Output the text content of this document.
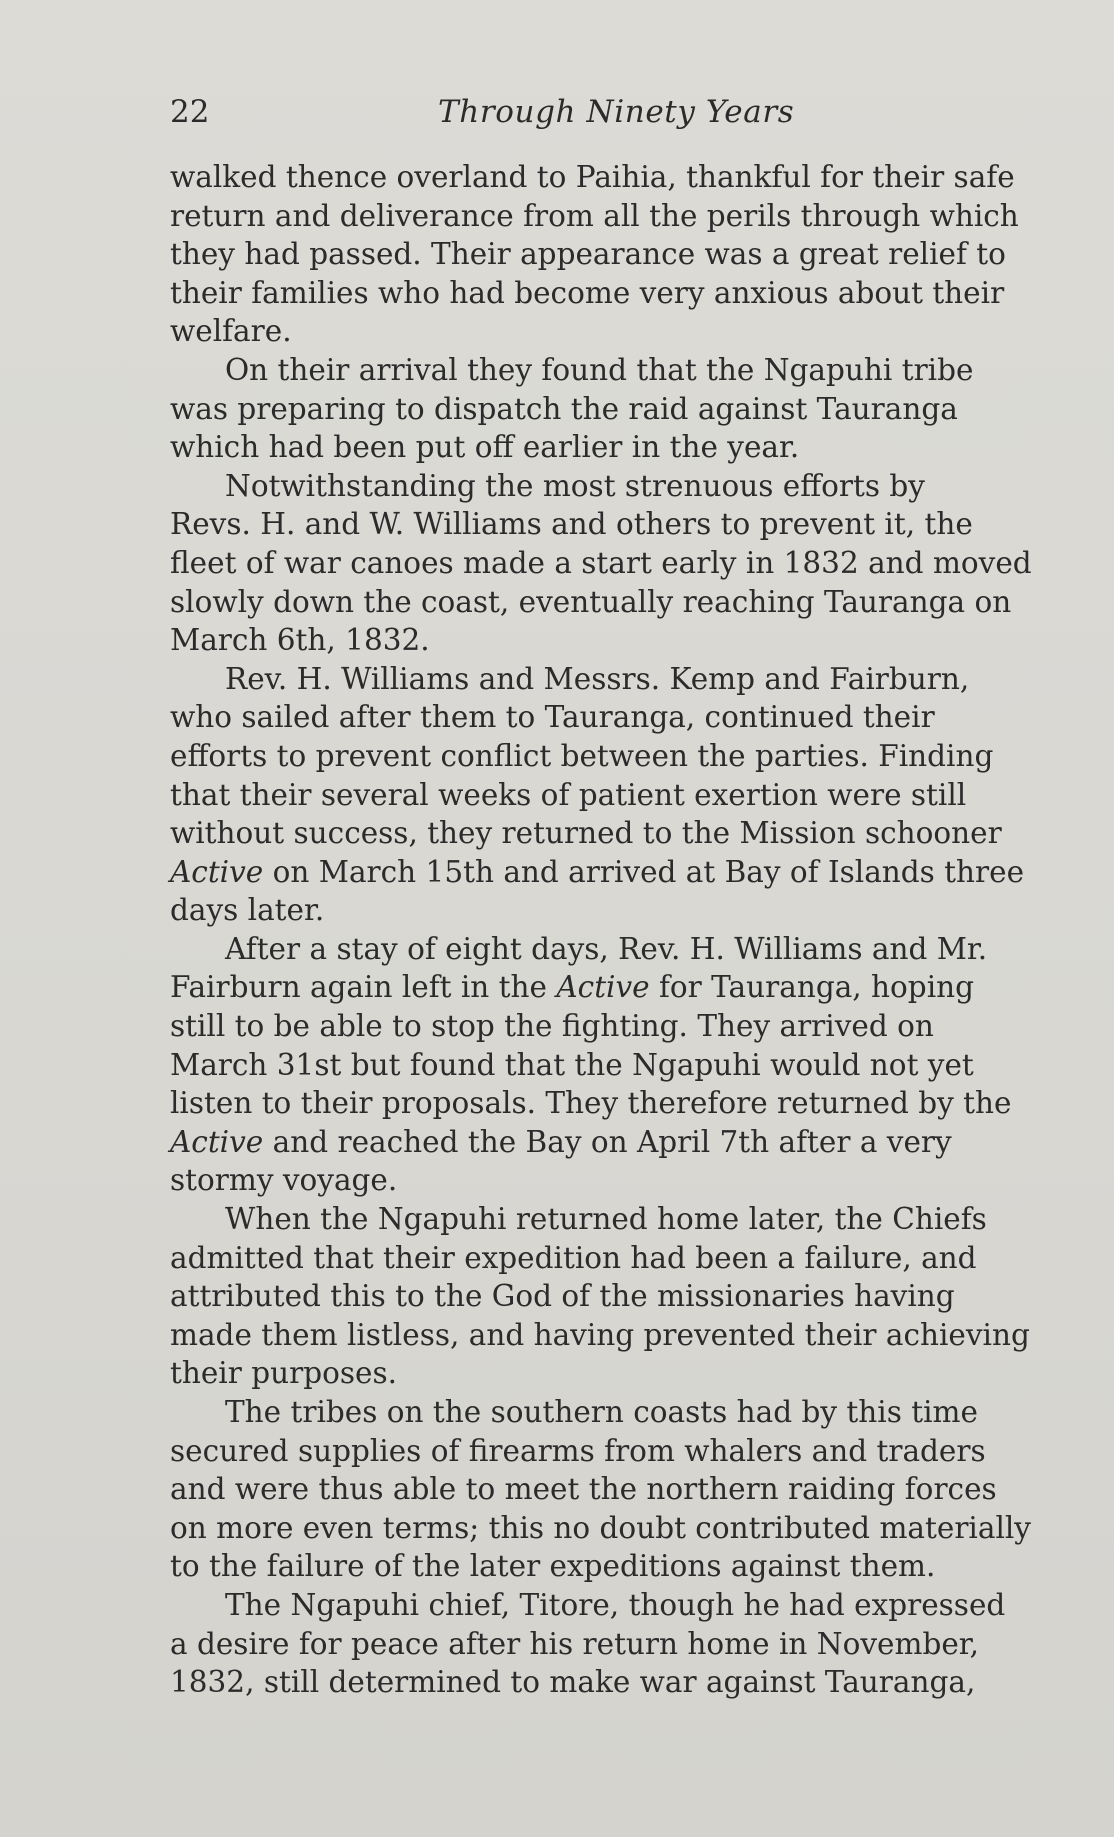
22	Through Ninety Years
walked thence overland to Paihia, thankful for their safe
return and deliverance from all the perils through which
they had passed. Their appearance was a great relief to
their families who had become very anxious about their
welfare.
On their arrival they found that the Ngapuhi tribe
was preparing to dispatch the raid against Tauranga
which had been put off earlier in the year.
Notwithstanding the most strenuous efforts by
Revs. H. and W. Williams and others to prevent it, the
fleet of war canoes made a start early in 1832 and moved
slowly down the coast, eventually reaching Tauranga on
March 6th, 1832.
Rev. H. Williams and Messrs. Kemp and Fairburn,
who sailed after them to Tauranga, continued their
efforts to prevent conflict between the parties. Finding
that their several weeks of patient exertion were still
without success, they returned to the Mission schooner
Active on March 15th and arrived at Bay of Islands three
days later.
After a stay of eight days, Rev. H. Williams and Mr.
Fairburn again left in the Active for Tauranga, hoping
still to be able to stop the fighting. They arrived on
March 31st but found that the Ngapuhi would not yet
listen to their proposals. They therefore returned by the
Active and reached the Bay on April 7th after a very
stormy voyage.
When the Ngapuhi returned home later, the Chiefs
admitted that their expedition had been a failure, and
attributed this to the God of the missionaries having
made them listless, and having prevented their achieving
their purposes.
The tribes on the southern coasts had by this time
secured supplies of firearms from whalers and traders
and were thus able to meet the northern raiding forces
on more even terms; this no doubt contributed materially
to the failure of the later expeditions against them.
The Ngapuhi chief, Titore, though he had expressed
a desire for peace after his return home in November,
1832, still determined to make war against Tauranga,
